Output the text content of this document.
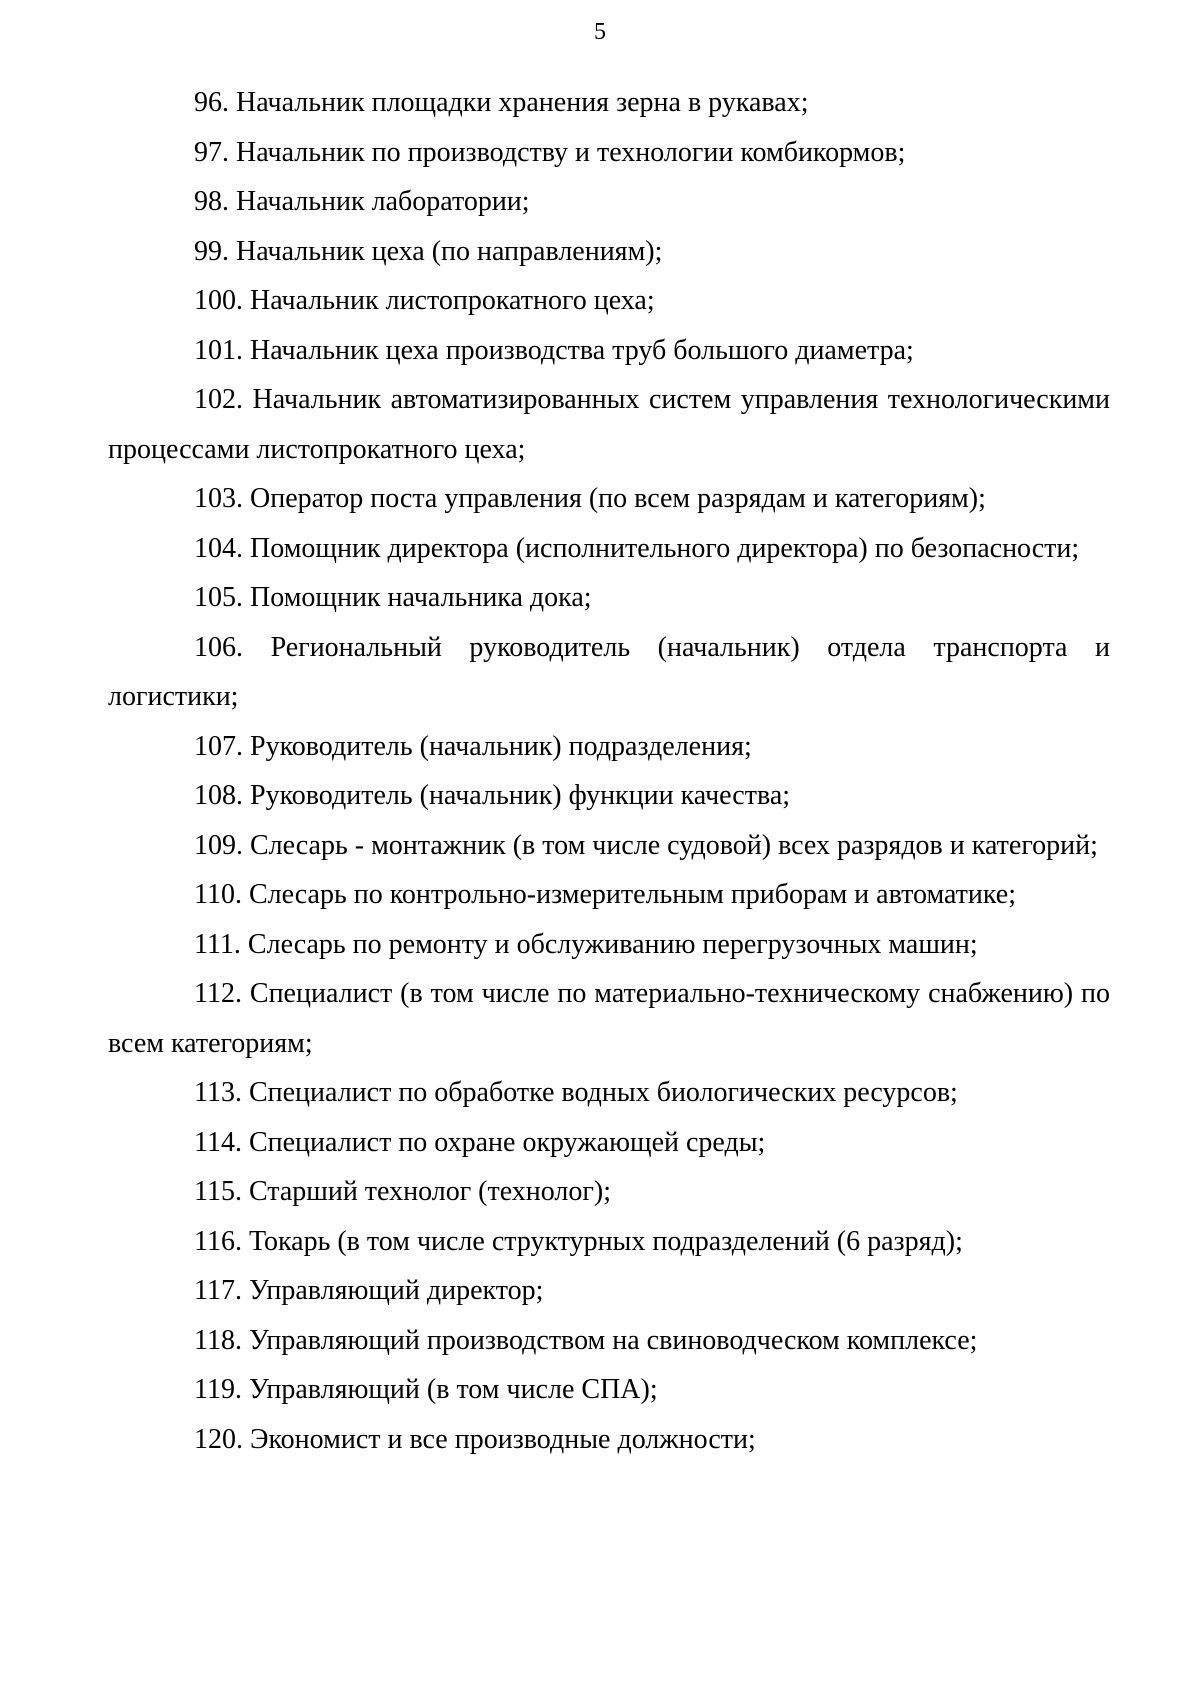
5

96. Начальник площадки хранения зерна в рукавах;

97. Начальник по производству и технологии комбикормов;

98. Начальник лаборатории;

99. Начальник цеха (по направлениям);

100. Начальник листопрокатного цеха;

101. Начальник цеха производства труб большого диаметра;

102. Начальник автоматизированных систем управления технологическими процессами листопрокатного цеха;

103. Оператор поста управления (по всем разрядам и категориям);

104. Помощник директора (исполнительного директора) по безопасности;

105. Помощник начальника дока;

106. Региональный руководитель (начальник) отдела транспорта и логистики;

107. Руководитель (начальник) подразделения;

108. Руководитель (начальник) функции качества;

109. Слесарь - монтажник (в том числе судовой) всех разрядов и категорий;

110. Слесарь по контрольно-измерительным приборам и автоматике;

111. Слесарь по ремонту и обслуживанию перегрузочных машин;

112. Специалист (в том числе по материально-техническому снабжению) по всем категориям;

113. Специалист по обработке водных биологических ресурсов;

114. Специалист по охране окружающей среды;

115. Старший технолог (технолог);

116. Токарь (в том числе структурных подразделений (6 разряд);

117. Управляющий директор;

118. Управляющий производством на свиноводческом комплексе;

119. Управляющий (в том числе СПА);

120. Экономист и все производные должности;
